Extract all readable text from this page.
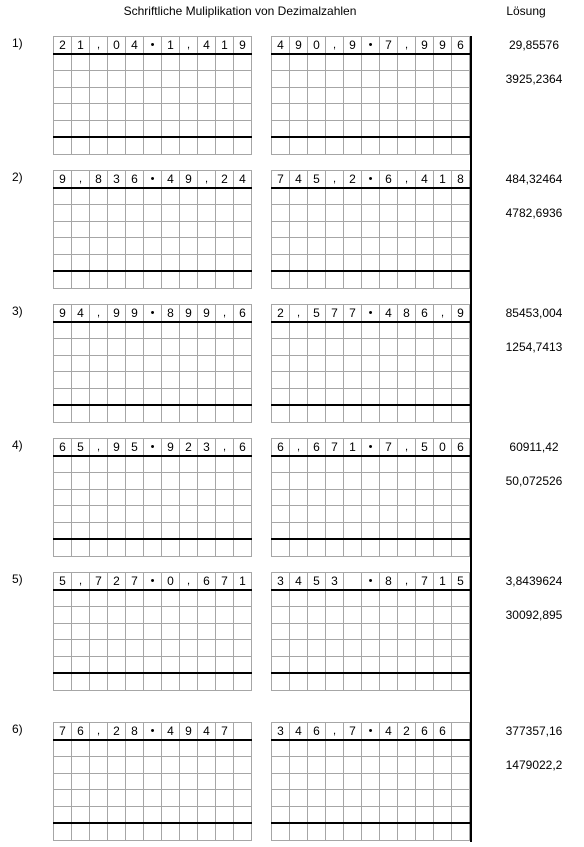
Schriftliche Muliplikation von Dezimalzahlen	Lösung
1)	2	1	,	0	4	•	1	,	4	1	9

											4	9	0	,	9	•	7	,	9	9	6

											29,85576
3925,2364
2)	9	,	8	3	6	•	4	9	,	2	4

											7	4	5	,	2	•	6	,	4	1	8

											484,32464
4782,6936
3)	9	4	,	9	9	•	8	9	9	,	6

											2	,	5	7	7	•	4	8	6	,	9

											85453,004
1254,7413
4)	6	5	,	9	5	•	9	2	3	,	6

											6	,	6	7	1	•	7	,	5	0	6

											60911,42
50,072526
5)	5	,	7	2	7	•	0	,	6	7	1

											3	4	5	3		•	8	,	7	1	5

											3,8439624
30092,895
6)	7	6	,	2	8	•	4	9	4	7	

											3	4	6	,	7	•	4	2	6	6	

											377357,16
1479022,2
